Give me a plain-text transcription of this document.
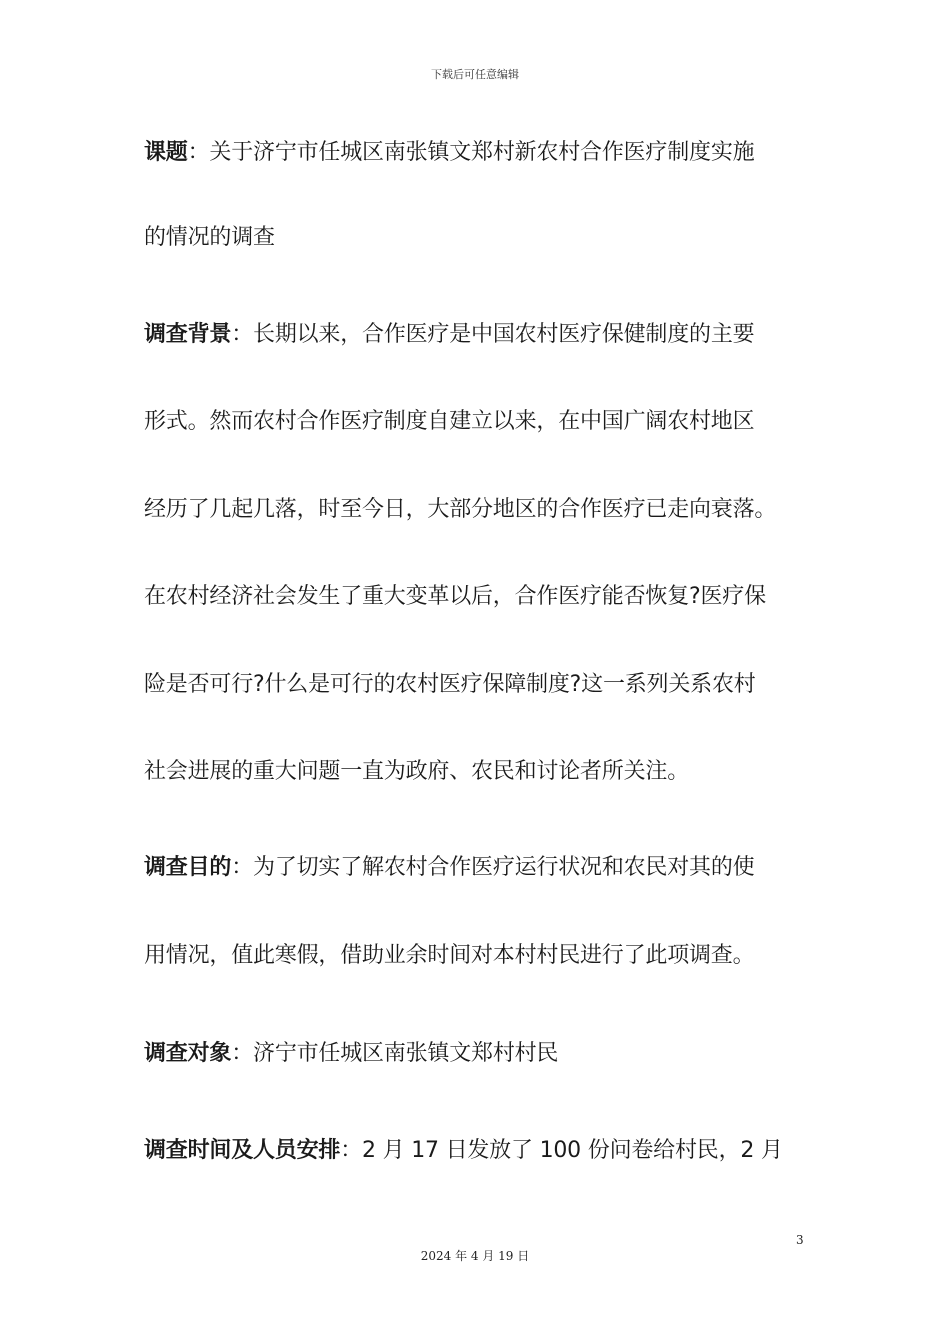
下载后可任意编辑
课题：关于济宁市任城区南张镇文郑村新农村合作医疗制度实施
的情况的调查
调查背景：长期以来，合作医疗是中国农村医疗保健制度的主要
形式。然而农村合作医疗制度自建立以来，在中国广阔农村地区
经历了几起几落，时至今日，大部分地区的合作医疗已走向衰落。
在农村经济社会发生了重大变革以后，合作医疗能否恢复?医疗保
险是否可行?什么是可行的农村医疗保障制度?这一系列关系农村
社会进展的重大问题一直为政府、农民和讨论者所关注。
调查目的：为了切实了解农村合作医疗运行状况和农民对其的使
用情况，值此寒假，借助业余时间对本村村民进行了此项调查。
调查对象：济宁市任城区南张镇文郑村村民
调查时间及人员安排：2 月 17 日发放了 100 份问卷给村民，2 月
3
2024 年 4 月 19 日
